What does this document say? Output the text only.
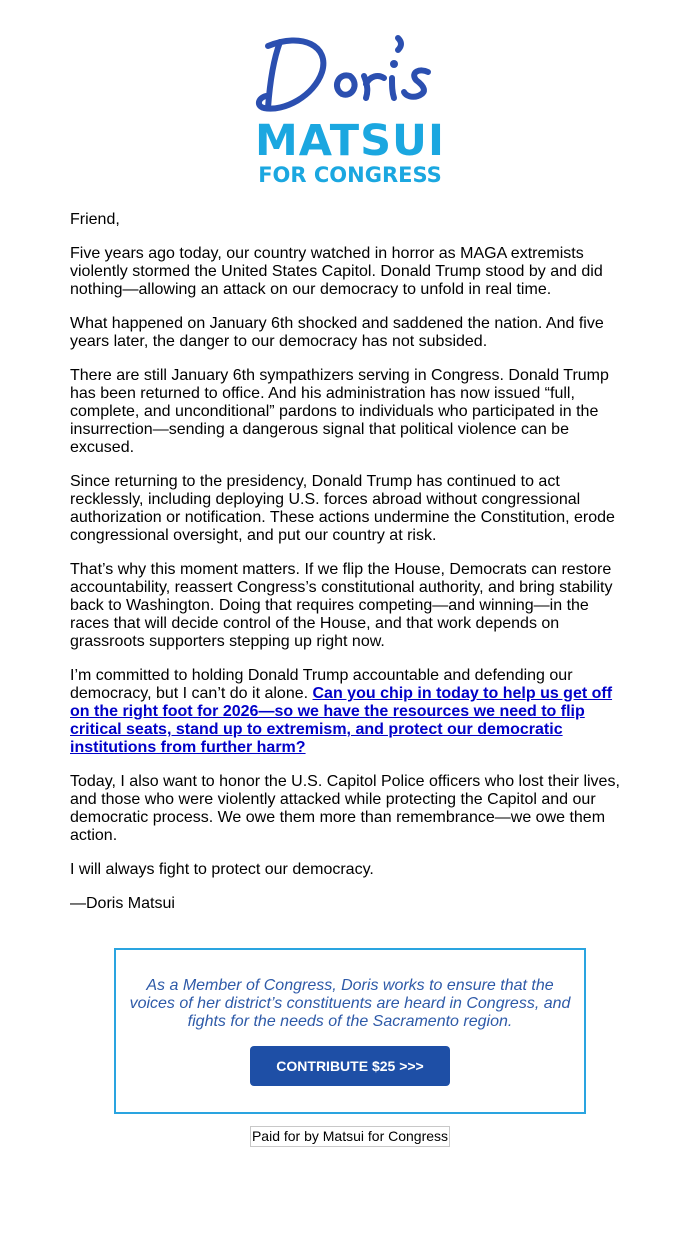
MATSUI
FOR CONGRESS

Friend,

Five years ago today, our country watched in horror as MAGA extremists violently stormed the United States Capitol. Donald Trump stood by and did nothing—allowing an attack on our democracy to unfold in real time.

What happened on January 6th shocked and saddened the nation. And five years later, the danger to our democracy has not subsided.

There are still January 6th sympathizers serving in Congress. Donald Trump has been returned to office. And his administration has now issued “full, complete, and unconditional” pardons to individuals who participated in the insurrection—sending a dangerous signal that political violence can be excused.

Since returning to the presidency, Donald Trump has continued to act recklessly, including deploying U.S. forces abroad without congressional authorization or notification. These actions undermine the Constitution, erode congressional oversight, and put our country at risk.

That’s why this moment matters. If we flip the House, Democrats can restore accountability, reassert Congress’s constitutional authority, and bring stability back to Washington. Doing that requires competing—and winning—in the races that will decide control of the House, and that work depends on grassroots supporters stepping up right now.

I’m committed to holding Donald Trump accountable and defending our democracy, but I can’t do it alone. Can you chip in today to help us get off on the right foot for 2026—so we have the resources we need to flip critical seats, stand up to extremism, and protect our democratic institutions from further harm?

Today, I also want to honor the U.S. Capitol Police officers who lost their lives, and those who were violently attacked while protecting the Capitol and our democratic process. We owe them more than remembrance—we owe them action.

I will always fight to protect our democracy.

—Doris Matsui

As a Member of Congress, Doris works to ensure that the voices of her district’s constituents are heard in Congress, and fights for the needs of the Sacramento region.
CONTRIBUTE $25 >>>
Paid for by Matsui for Congress
